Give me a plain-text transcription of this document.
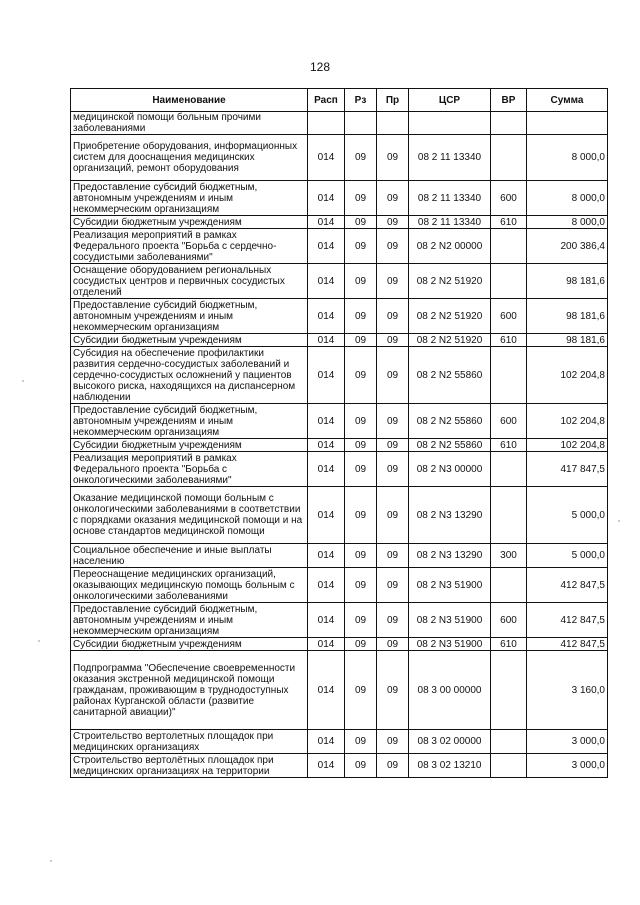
128
Наименование	Расп	Рз	Пр	ЦСР	ВР	Сумма
медицинской помощи больным прочими заболеваниями						
Приобретение оборудования, информационных систем для дооснащения медицинских организаций, ремонт оборудования	014	09	09	08 2 11 13340		8 000,0
Предоставление субсидий бюджетным, автономным учреждениям и иным некоммерческим организациям	014	09	09	08 2 11 13340	600	8 000,0
Субсидии бюджетным учреждениям	014	09	09	08 2 11 13340	610	8 000,0
Реализация мероприятий в рамках Федерального проекта "Борьба с сердечно-сосудистыми заболеваниями"	014	09	09	08 2 N2 00000		200 386,4
Оснащение оборудованием региональных сосудистых центров и первичных сосудистых отделений	014	09	09	08 2 N2 51920		98 181,6
Предоставление субсидий бюджетным, автономным учреждениям и иным некоммерческим организациям	014	09	09	08 2 N2 51920	600	98 181,6
Субсидии бюджетным учреждениям	014	09	09	08 2 N2 51920	610	98 181,6
Субсидия на обеспечение профилактики развития сердечно-сосудистых заболеваний и сердечно-сосудистых осложнений у пациентов высокого риска, находящихся на диспансерном наблюдении	014	09	09	08 2 N2 55860		102 204,8
Предоставление субсидий бюджетным, автономным учреждениям и иным некоммерческим организациям	014	09	09	08 2 N2 55860	600	102 204,8
Субсидии бюджетным учреждениям	014	09	09	08 2 N2 55860	610	102 204,8
Реализация мероприятий в рамках Федерального проекта "Борьба с онкологическими заболеваниями"	014	09	09	08 2 N3 00000		417 847,5
Оказание медицинской помощи больным с онкологическими заболеваниями в соответствии с порядками оказания медицинской помощи и на основе стандартов медицинской помощи	014	09	09	08 2 N3 13290		5 000,0
Социальное обеспечение и иные выплаты населению	014	09	09	08 2 N3 13290	300	5 000,0
Переоснащение медицинских организаций, оказывающих медицинскую помощь больным с онкологическими заболеваниями	014	09	09	08 2 N3 51900		412 847,5
Предоставление субсидий бюджетным, автономным учреждениям и иным некоммерческим организациям	014	09	09	08 2 N3 51900	600	412 847,5
Субсидии бюджетным учреждениям	014	09	09	08 2 N3 51900	610	412 847,5
Подпрограмма "Обеспечение своевременности оказания экстренной медицинской помощи гражданам, проживающим в труднодоступных районах Курганской области (развитие санитарной авиации)"	014	09	09	08 3 00 00000		3 160,0
Строительство вертолетных площадок при медицинских организациях	014	09	09	08 3 02 00000		3 000,0
Строительство вертолётных площадок при медицинских организациях на территории	014	09	09	08 3 02 13210		3 000,0
